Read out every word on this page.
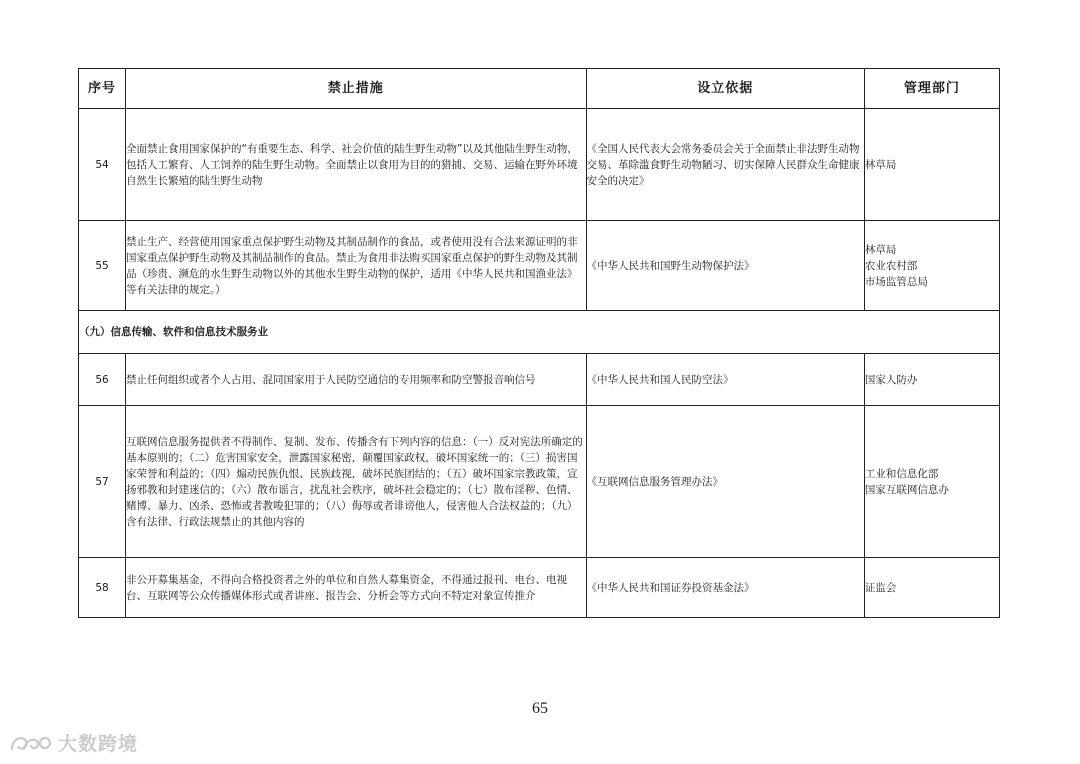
序号	禁止措施	设立依据	管理部门
54	全面禁止食用国家保护的“有重要生态、科学、社会价值的陆生野生动物”以及其他陆生野生动物，包括人工繁育、人工饲养的陆生野生动物。全面禁止以食用为目的的猎捕、交易、运输在野外环境自然生长繁殖的陆生野生动物	《全国人民代表大会常务委员会关于全面禁止非法野生动物交易、革除滥食野生动物陋习、切实保障人民群众生命健康安全的决定》	林草局

55	禁止生产、经营使用国家重点保护野生动物及其制品制作的食品，或者使用没有合法来源证明的非国家重点保护野生动物及其制品制作的食品。禁止为食用非法购买国家重点保护的野生动物及其制品（珍贵、濒危的水生野生动物以外的其他水生野生动物的保护，适用《中华人民共和国渔业法》等有关法律的规定。）	《中华人民共和国野生动物保护法》	林草局
农业农村部
市场监管总局

（九）信息传输、软件和信息技术服务业			
56	禁止任何组织或者个人占用、混同国家用于人民防空通信的专用频率和防空警报音响信号	《中华人民共和国人民防空法》	国家人防办

57	互联网信息服务提供者不得制作、复制、发布、传播含有下列内容的信息：（一）反对宪法所确定的基本原则的；（二）危害国家安全，泄露国家秘密，颠覆国家政权，破坏国家统一的；（三）损害国家荣誉和利益的；（四）煽动民族仇恨、民族歧视，破坏民族团结的；（五）破坏国家宗教政策，宣扬邪教和封建迷信的；（六）散布谣言，扰乱社会秩序，破坏社会稳定的；（七）散布淫秽、色情、赌博、暴力、凶杀、恐怖或者教唆犯罪的；（八）侮辱或者诽谤他人，侵害他人合法权益的；（九）含有法律、行政法规禁止的其他内容的	《互联网信息服务管理办法》	工业和信息化部
国家互联网信息办

58	非公开募集基金，不得向合格投资者之外的单位和自然人募集资金，不得通过报刊、电台、电视台、互联网等公众传播媒体形式或者讲座、报告会、分析会等方式向不特定对象宣传推介	《中华人民共和国证券投资基金法》	证监会
65
大数跨境
